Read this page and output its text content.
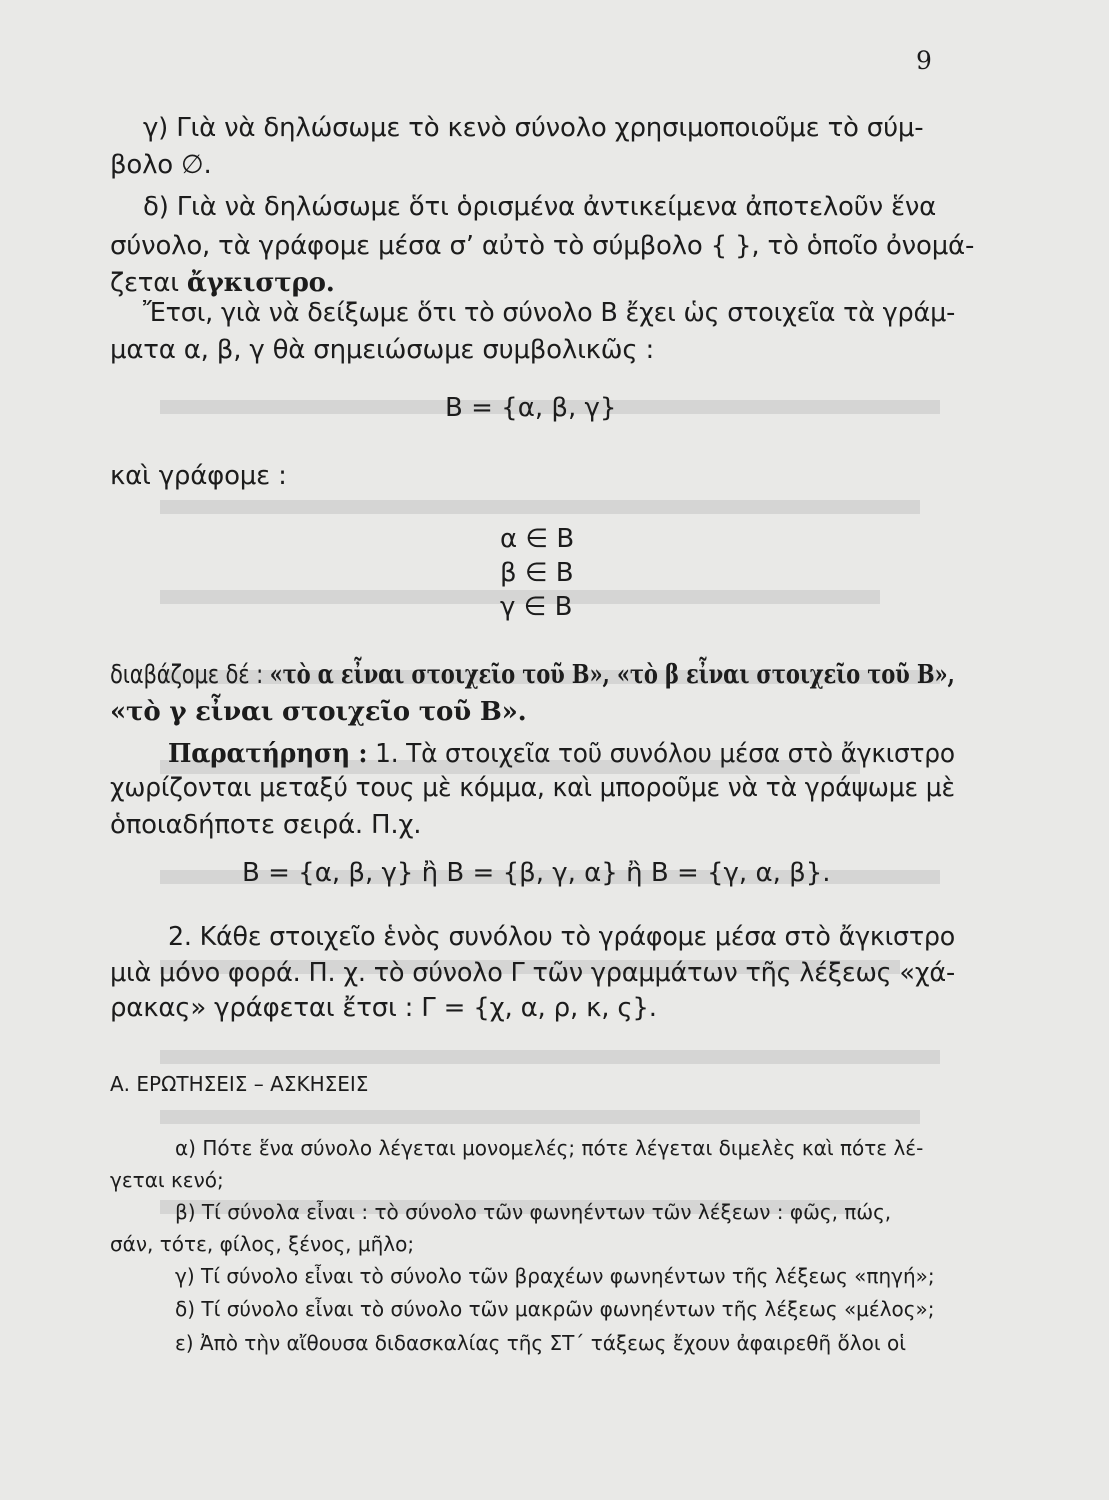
9
γ) Γιὰ νὰ δηλώσωμε τὸ κενὸ σύνολο χρησιμοποιοῦμε τὸ σύμ-
βολο ∅.
δ) Γιὰ νὰ δηλώσωμε ὅτι ὁρισμένα ἀντικείμενα ἀποτελοῦν ἕνα
σύνολο, τὰ γράφομε μέσα σ’ αὐτὸ τὸ σύμβολο { }, τὸ ὁποῖο ὀνομά-
ζεται ἄγκιστρο.
Ἔτσι, γιὰ νὰ δείξωμε ὅτι τὸ σύνολο Β ἔχει ὡς στοιχεῖα τὰ γράμ-
ματα α, β, γ θὰ σημειώσωμε συμβολικῶς :
Β = {α, β, γ}
καὶ γράφομε :
α ∈ Β
β ∈ Β
γ ∈ Β
διαβάζομε δέ : «τὸ α εἶναι στοιχεῖο τοῦ Β», «τὸ β εἶναι στοιχεῖο τοῦ Β»,
«τὸ γ εἶναι στοιχεῖο τοῦ Β».
Παρατήρηση : 1. Τὰ στοιχεῖα τοῦ συνόλου μέσα στὸ ἄγκιστρο
χωρίζονται μεταξύ τους μὲ κόμμα, καὶ μποροῦμε νὰ τὰ γράψωμε μὲ
ὁποιαδήποτε σειρά. Π.χ.
Β = {α, β, γ} ἢ Β = {β, γ, α} ἢ Β = {γ, α, β}.
2. Κάθε στοιχεῖο ἑνὸς συνόλου τὸ γράφομε μέσα στὸ ἄγκιστρο
μιὰ μόνο φορά. Π. χ. τὸ σύνολο Γ τῶν γραμμάτων τῆς λέξεως «χά-
ρακας» γράφεται ἔτσι : Γ = {χ, α, ρ, κ, ς}.
Α. ΕΡΩΤΗΣΕΙΣ – ΑΣΚΗΣΕΙΣ
α) Πότε ἕνα σύνολο λέγεται μονομελές; πότε λέγεται διμελὲς καὶ πότε λέ-
γεται κενό;
β) Τί σύνολα εἶναι : τὸ σύνολο τῶν φωνηέντων τῶν λέξεων : φῶς, πώς,
σάν, τότε, φίλος, ξένος, μῆλο;
γ) Τί σύνολο εἶναι τὸ σύνολο τῶν βραχέων φωνηέντων τῆς λέξεως «πηγή»;
δ) Τί σύνολο εἶναι τὸ σύνολο τῶν μακρῶν φωνηέντων τῆς λέξεως «μέλος»;
ε) Ἀπὸ τὴν αἴθουσα διδασκαλίας τῆς ΣΤ΄ τάξεως ἔχουν ἀφαιρεθῆ ὅλοι οἱ
